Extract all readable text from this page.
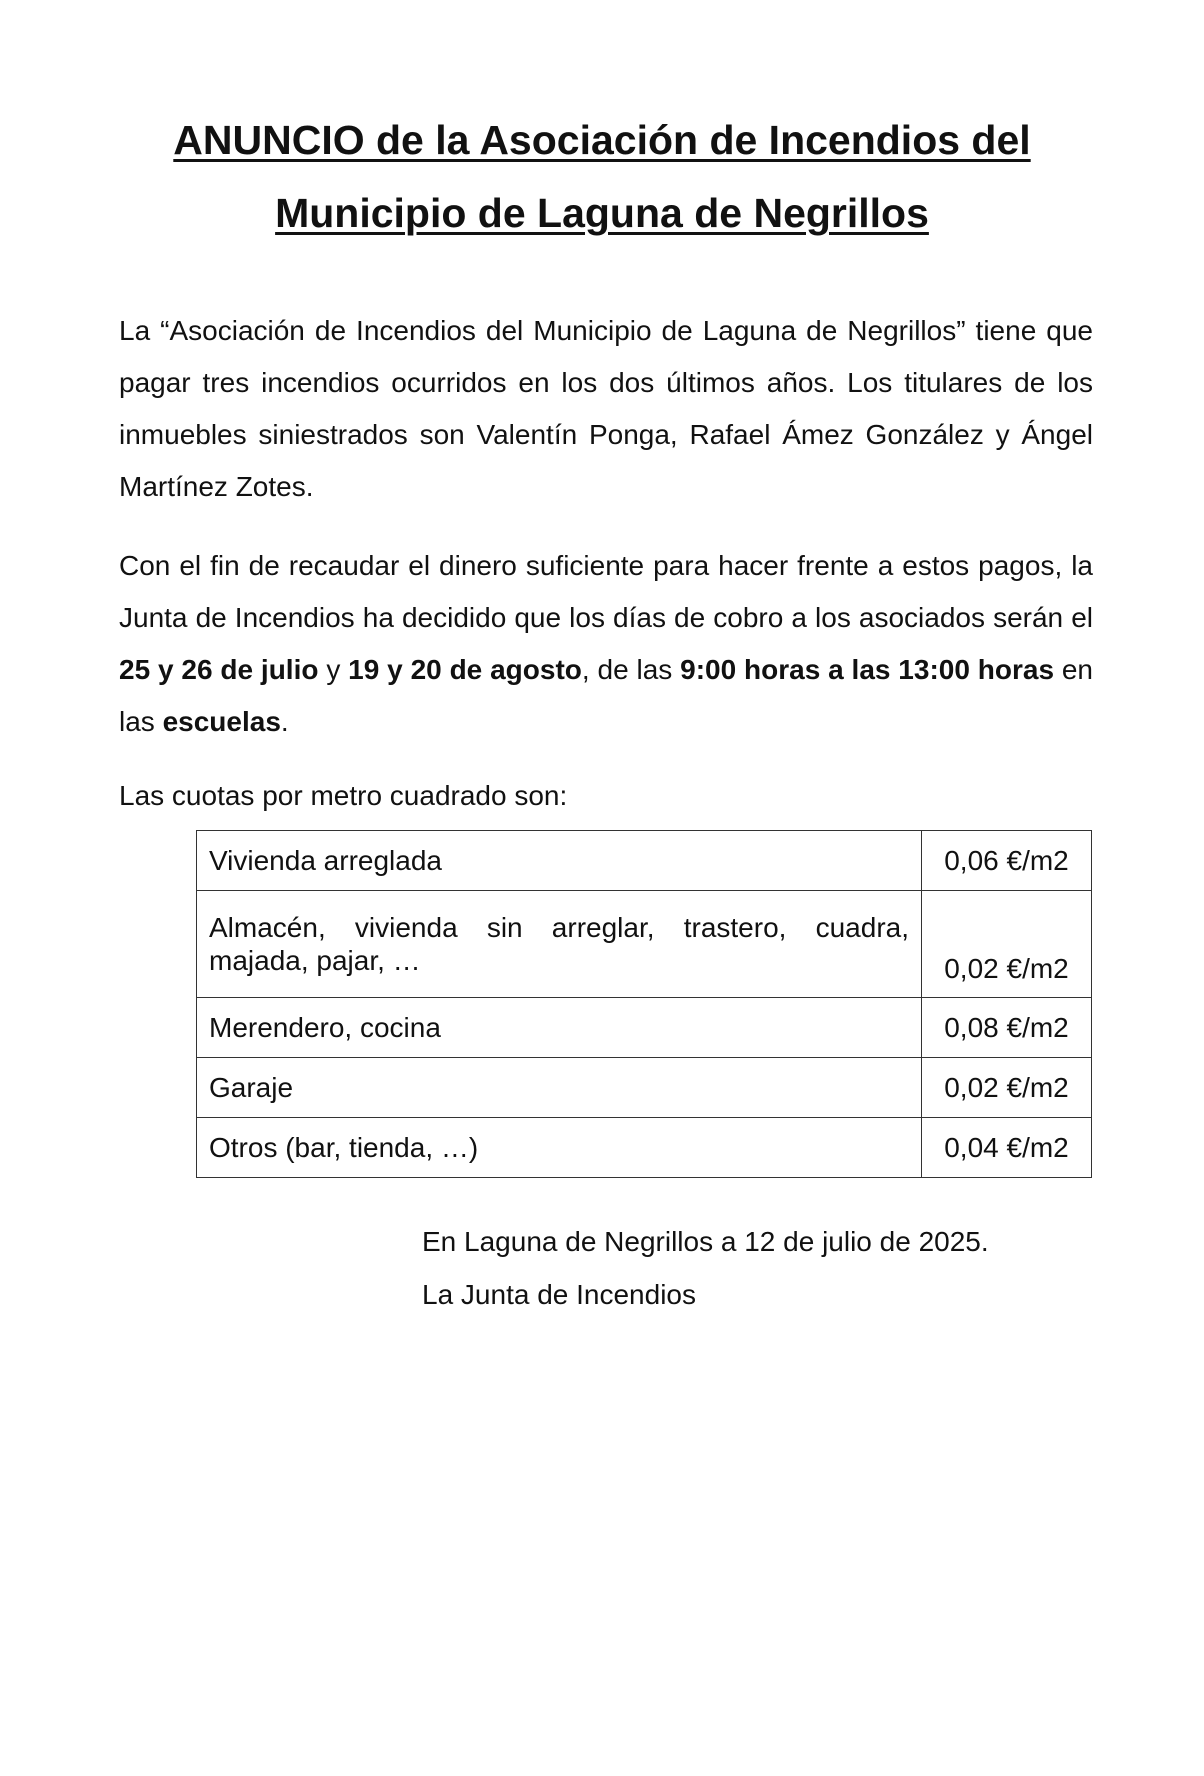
ANUNCIO de la Asociación de Incendios del
Municipio de Laguna de Negrillos

La “Asociación de Incendios del Municipio de Laguna de Negrillos” tiene que pagar tres incendios ocurridos en los dos últimos años. Los titulares de los inmuebles siniestrados son Valentín Ponga, Rafael Ámez González y Ángel Martínez Zotes.

Con el fin de recaudar el dinero suficiente para hacer frente a estos pagos, la Junta de Incendios ha decidido que los días de cobro a los asociados serán el 25 y 26 de julio y 19 y 20 de agosto, de las 9:00 horas a las 13:00 horas en las escuelas.

Las cuotas por metro cuadrado son:

Vivienda arreglada	0,06 €/m2
Almacén, vivienda sin arreglar, trastero, cuadra, majada, pajar, …	0,02 €/m2
Merendero, cocina	0,08 €/m2
Garaje	0,02 €/m2
Otros (bar, tienda, …)	0,04 €/m2
En Laguna de Negrillos a 12 de julio de 2025.
La Junta de Incendios
